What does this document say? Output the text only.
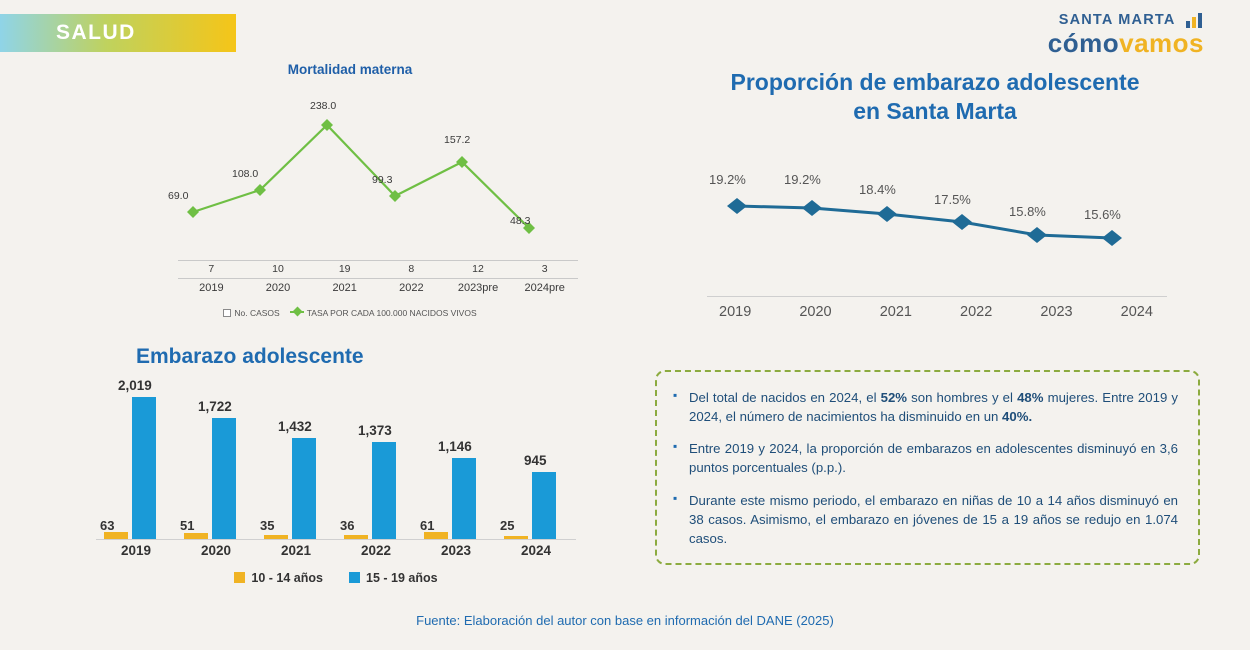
SALUD
SANTA MARTA
cómovamos
Mortalidad materna
69.0
108.0
238.0
99.3
157.2
48.3
7	10	19	8	12	3
2019	2020	2021	2022	2023pre	2024pre
No. CASOS	TASA POR CADA 100.000 NACIDOS VIVOS
Proporción de embarazo adolescente
en Santa Marta
19.2%	19.2%
18.4%
17.5%
15.8%	15.6%
2019	2020	2021	2022	2023	2024
Embarazo adolescente
2,019
63
1,722
51
1,432
35
1,373
36
1,146
61
945
25
2019	2020	2021	2022	2023	2024
10 - 14 años	15 - 19 años
▪ Del total de nacidos en 2024, el 52% son hombres y el 48% mujeres. Entre 2019 y 2024, el número de nacimientos ha disminuido en un 40%.
▪ Entre 2019 y 2024, la proporción de embarazos en adolescentes disminuyó en 3,6 puntos porcentuales (p.p.).
▪ Durante este mismo periodo, el embarazo en niñas de 10 a 14 años disminuyó en 38 casos. Asimismo, el embarazo en jóvenes de 15 a 19 años se redujo en 1.074 casos.
Fuente: Elaboración del autor con base en información del DANE (2025)
